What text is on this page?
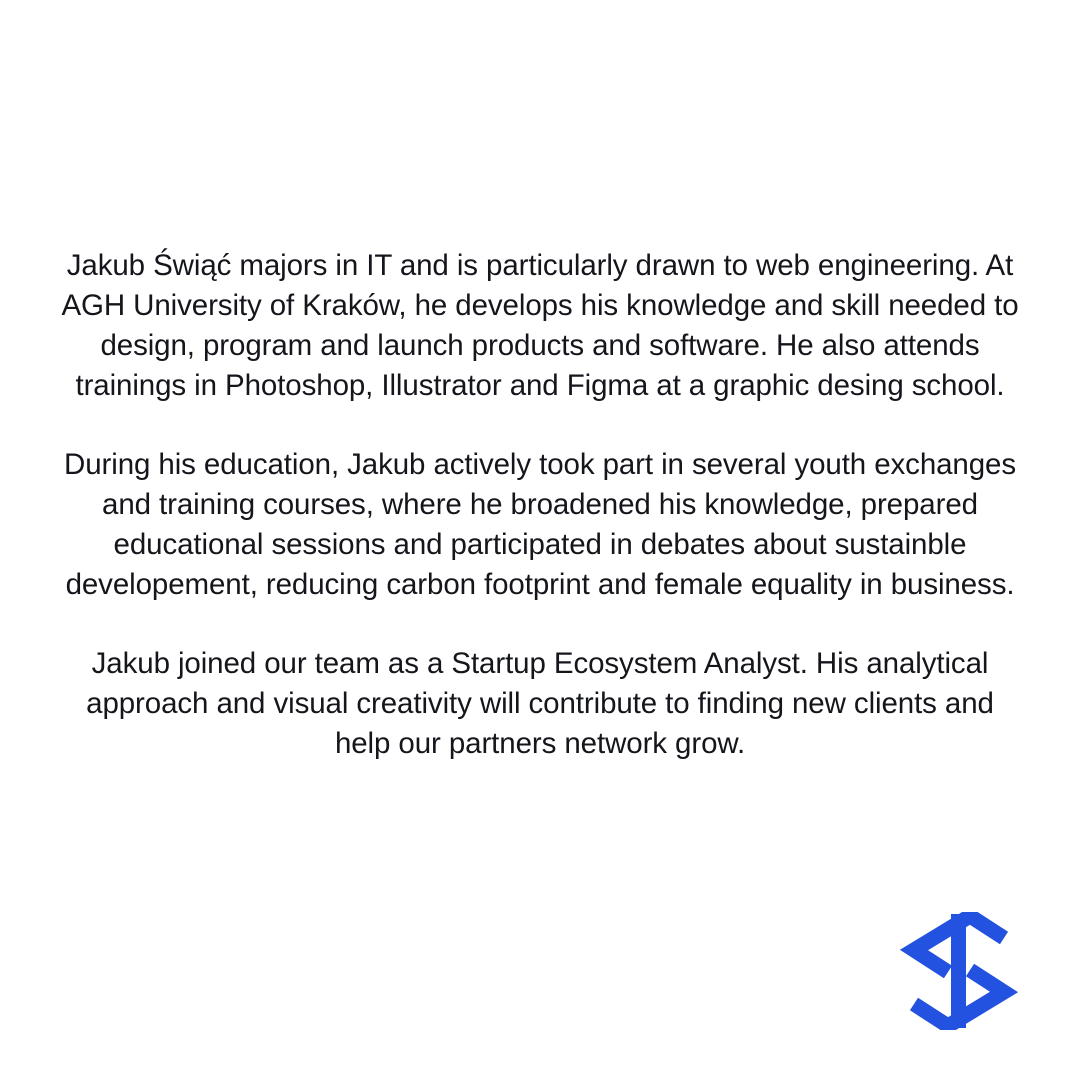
Jakub Świąć majors in IT and is particularly drawn to web engineering. At AGH University of Kraków, he develops his knowledge and skill needed to design, program and launch products and software. He also attends trainings in Photoshop, Illustrator and Figma at a graphic desing school.

During his education, Jakub actively took part in several youth exchanges and training courses, where he broadened his knowledge, prepared educational sessions and participated in debates about sustainble developement, reducing carbon footprint and female equality in business.

Jakub joined our team as a Startup Ecosystem Analyst. His analytical approach and visual creativity will contribute to finding new clients and help our partners network grow.
